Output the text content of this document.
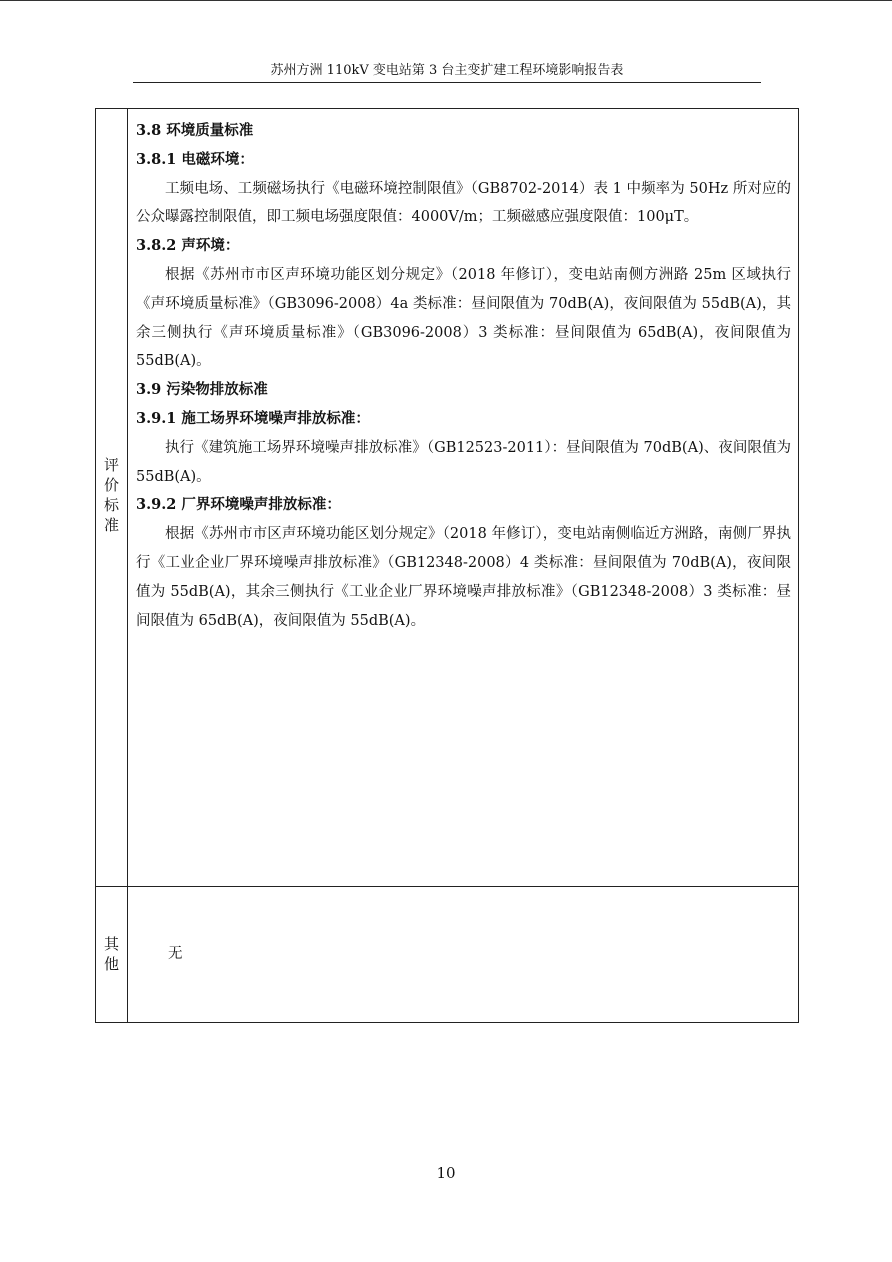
苏州方洲 110kV 变电站第 3 台主变扩建工程环境影响报告表
评
价
标
准

3.8 环境质量标准

3.8.1 电磁环境：

工频电场、工频磁场执行《电磁环境控制限值》（GB8702-2014）表 1 中频率为 50Hz 所对应的公众曝露控制限值，即工频电场强度限值：4000V/m；工频磁感应强度限值：100μT。

3.8.2 声环境：

根据《苏州市市区声环境功能区划分规定》（2018 年修订），变电站南侧方洲路 25m 区域执行《声环境质量标准》（GB3096-2008）4a 类标准：昼间限值为 70dB(A)，夜间限值为 55dB(A)，其余三侧执行《声环境质量标准》（GB3096-2008）3 类标准：昼间限值为 65dB(A)，夜间限值为 55dB(A)。

3.9 污染物排放标准

3.9.1 施工场界环境噪声排放标准：

执行《建筑施工场界环境噪声排放标准》（GB12523-2011）：昼间限值为 70dB(A)、夜间限值为 55dB(A)。

3.9.2 厂界环境噪声排放标准：

根据《苏州市市区声环境功能区划分规定》（2018 年修订），变电站南侧临近方洲路，南侧厂界执行《工业企业厂界环境噪声排放标准》（GB12348-2008）4 类标准：昼间限值为 70dB(A)，夜间限值为 55dB(A)，其余三侧执行《工业企业厂界环境噪声排放标准》（GB12348-2008）3 类标准：昼间限值为 65dB(A)，夜间限值为 55dB(A)。

其
他
无
10
